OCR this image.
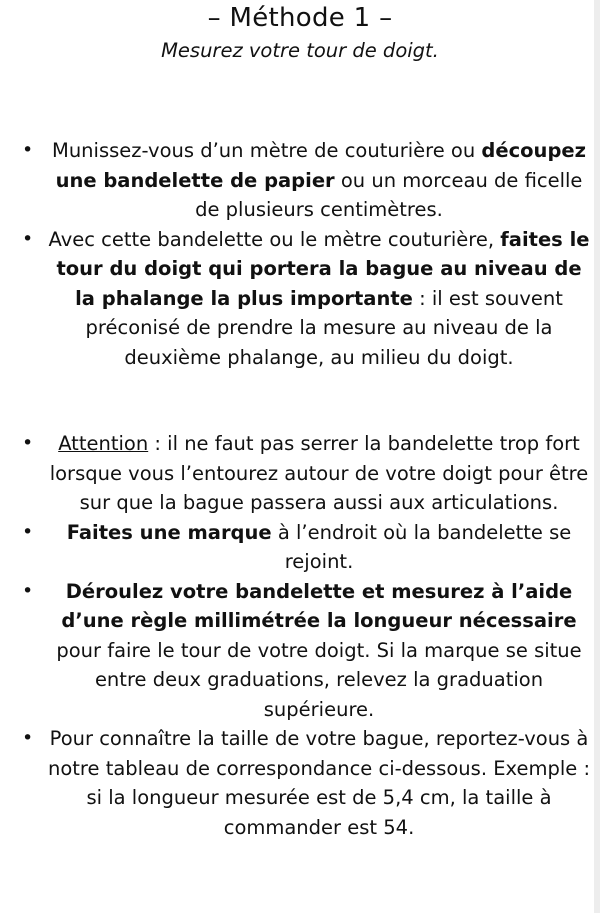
– Méthode 1 –

Mesurez votre tour de doigt.

• Munissez-vous d’un mètre de couturière ou découpez une bandelette de papier ou un morceau de ficelle de plusieurs centimètres.
• Avec cette bandelette ou le mètre couturière, faites le tour du doigt qui portera la bague au niveau de la phalange la plus importante : il est souvent préconisé de prendre la mesure au niveau de la deuxième phalange, au milieu du doigt.
• Attention : il ne faut pas serrer la bandelette trop fort lorsque vous l’entourez autour de votre doigt pour être sur que la bague passera aussi aux articulations.
• Faites une marque à l’endroit où la bandelette se rejoint.
• Déroulez votre bandelette et mesurez à l’aide d’une règle millimétrée la longueur nécessaire pour faire le tour de votre doigt. Si la marque se situe entre deux graduations, relevez la graduation supérieure.
• Pour connaître la taille de votre bague, reportez-vous à notre tableau de correspondance ci-dessous. Exemple : si la longueur mesurée est de 5,4 cm, la taille à commander est 54.
